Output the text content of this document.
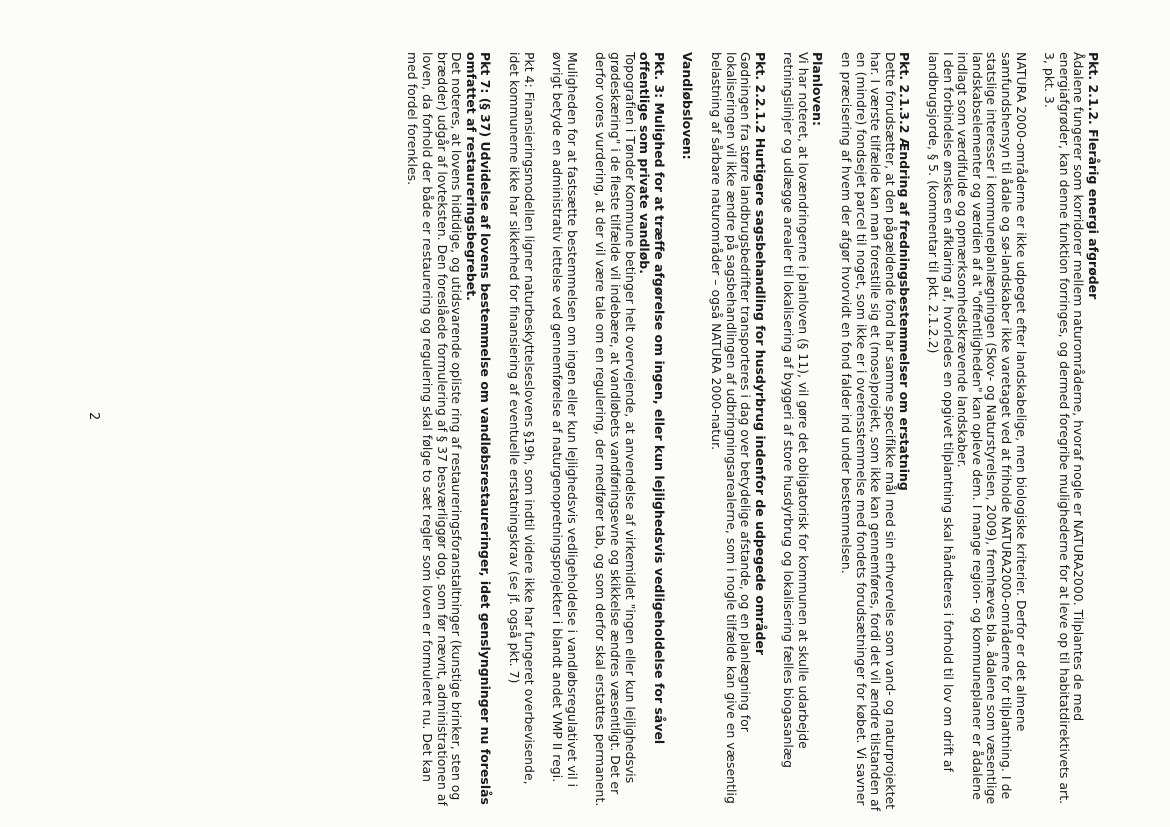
Pkt. 2.1.2. Flerårig energi afgrøder

Ådalene fungerer som korridorer mellem naturområderne, hvoraf nogle er NATURA2000. Tilplantes de med energiafgrøder, kan denne funktion forringes, og dermed foregribe mulighederne for at leve op til habitatdirektivets art. 3, pkt. 3.

NATURA 2000-områderne er ikke udpeget efter landskabelige, men biologiske kriterier. Derfor er det almene samfundshensyn til ådale og sø-landskaber ikke varetaget ved at friholde NATURA2000-områderne for tilplantning. I de statslige interesser i kommuneplanlægningen (Skov- og Naturstyrelsen, 2009), fremhæves bla. ådalene som væsentlige landskabselementer og værdien af at "offentligheden" kan opleve dem. I mange region- og kommuneplaner er ådalene indlagt som værdifulde og opmærksomhedskrævende landskaber.

I den forbindelse ønskes en afklaring af, hvorledes en opgivet tilplantning skal håndteres i forhold til lov om drift af landbrugsjorde, § 5. (kommentar til pkt. 2.1.2.2)

Pkt. 2.1.3.2 Ændring af fredningsbestemmelser om erstatning

Dette forudsætter, at den pågældende fond har samme specifikke mål med sin erhvervelse som vand- og naturprojektet har. I værste tilfælde kan man forestille sig et (mose)projekt, som ikke kan gennemføres, fordi det vil ændre tilstanden af en (mindre) fondsejet parcel til noget, som ikke er i overensstemmelse med fondets forudsætninger for købet. Vi savner en præcisering af hvem der afgør hvorvidt en fond falder ind under bestemmelsen.

Planloven:

Vi har noteret, at lovændringerne i planloven (§ 11), vil gøre det obligatorisk for kommunen at skulle udarbejde retningslinjer og udlægge arealer til lokalisering af byggeri af store husdyrbrug og lokalisering fælles biogasanlæg

Pkt. 2.2.1.2 Hurtigere sagsbehandling for husdyrbrug indenfor de udpegede områder

Gødningen fra større landbrugsbedrifter transporteres i dag over betydelige afstande, og en planlægning for lokaliseringen vil ikke ændre på sagsbehandlingen af udbringningsarealerne, som i nogle tilfælde kan give en væsentlig belastning af sårbare naturområder – også NATURA 2000-natur.

Vandløbsloven:
Pkt. 3: Mulighed for at træffe afgørelse om ingen, eller kun lejlighedsvis vedligeholdelse for såvel offentlige som private vandløb.

Topografien i Tønder Kommune betinger helt overvejende, at anvendelse af virkemidlet "ingen eller kun lejlighedsvis grødeskæring" i de fleste tilfælde vil indebære, at vandløbets vandføringsevne og skikkelse ændres væsentligt. Det er derfor vores vurdering, at der vil være tale om en regulering, der medfører tab, og som derfor skal erstattes permanent.

Muligheden for at fastsætte bestemmelsen om ingen eller kun lejlighedsvis vedligeholdelse i vandløbsregulativet vil i øvrigt betyde en administrativ lettelse ved gennemførelse af naturgenopretningsprojekter i blandt andet VMP II regi.

Pkt 4: Finansieringsmodellen ligner naturbeskyttelseslovens §19h, som indtil videre ikke har fungeret overbevisende, idet kommunerne ikke har sikkerhed for finansiering af eventuelle erstatningskrav (se jf. også pkt. 7)

Pkt 7: (§ 37) Udvidelse af lovens bestemmelse om vandløbsrestaureringer, idet genslyngninger nu foreslås omfattet af restaureringsbegrebet.

Det noteres, at lovens hidtidige, og utidsvarende opliste ring af restaureringsforanstaltninger (kunstige brinker, sten og brædder) udgår af lovteksten. Den foreslåede formulering af § 37 besværliggør dog, som før nævnt, administrationen af loven, da forhold der både er restaurering og regulering skal følge to sæt regler som loven er formuleret nu. Det kan med fordel forenkles.

2
